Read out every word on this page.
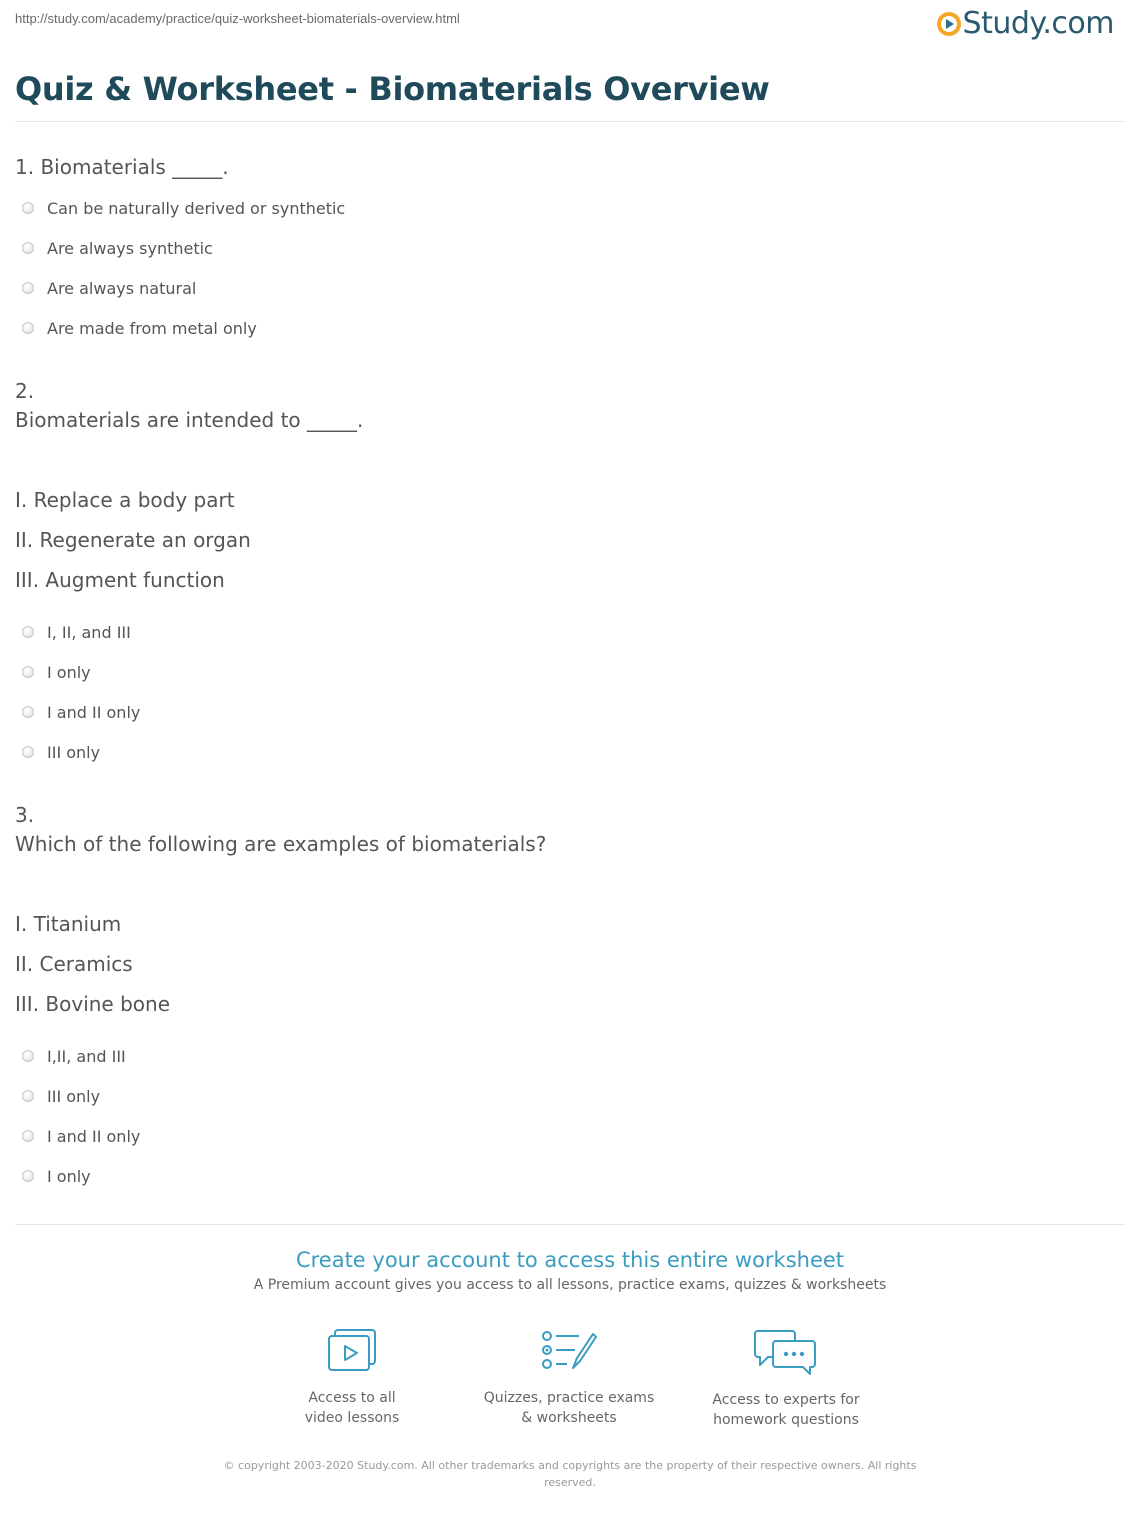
http://study.com/academy/practice/quiz-worksheet-biomaterials-overview.html	Study.com
Quiz & Worksheet - Biomaterials Overview
1. Biomaterials _____.
Can be naturally derived or synthetic
Are always synthetic
Are always natural
Are made from metal only
2.
Biomaterials are intended to _____.
I. Replace a body part
II. Regenerate an organ
III. Augment function
I, II, and III
I only
I and II only
III only
3.
Which of the following are examples of biomaterials?
I. Titanium
II. Ceramics
III. Bovine bone
I,II, and III
III only
I and II only
I only
Create your account to access this entire worksheet
A Premium account gives you access to all lessons, practice exams, quizzes & worksheets
Access to all
video lessons
Quizzes, practice exams
& worksheets
Access to experts for
homework questions
© copyright 2003-2020 Study.com. All other trademarks and copyrights are the property of their respective owners. All rights reserved.
